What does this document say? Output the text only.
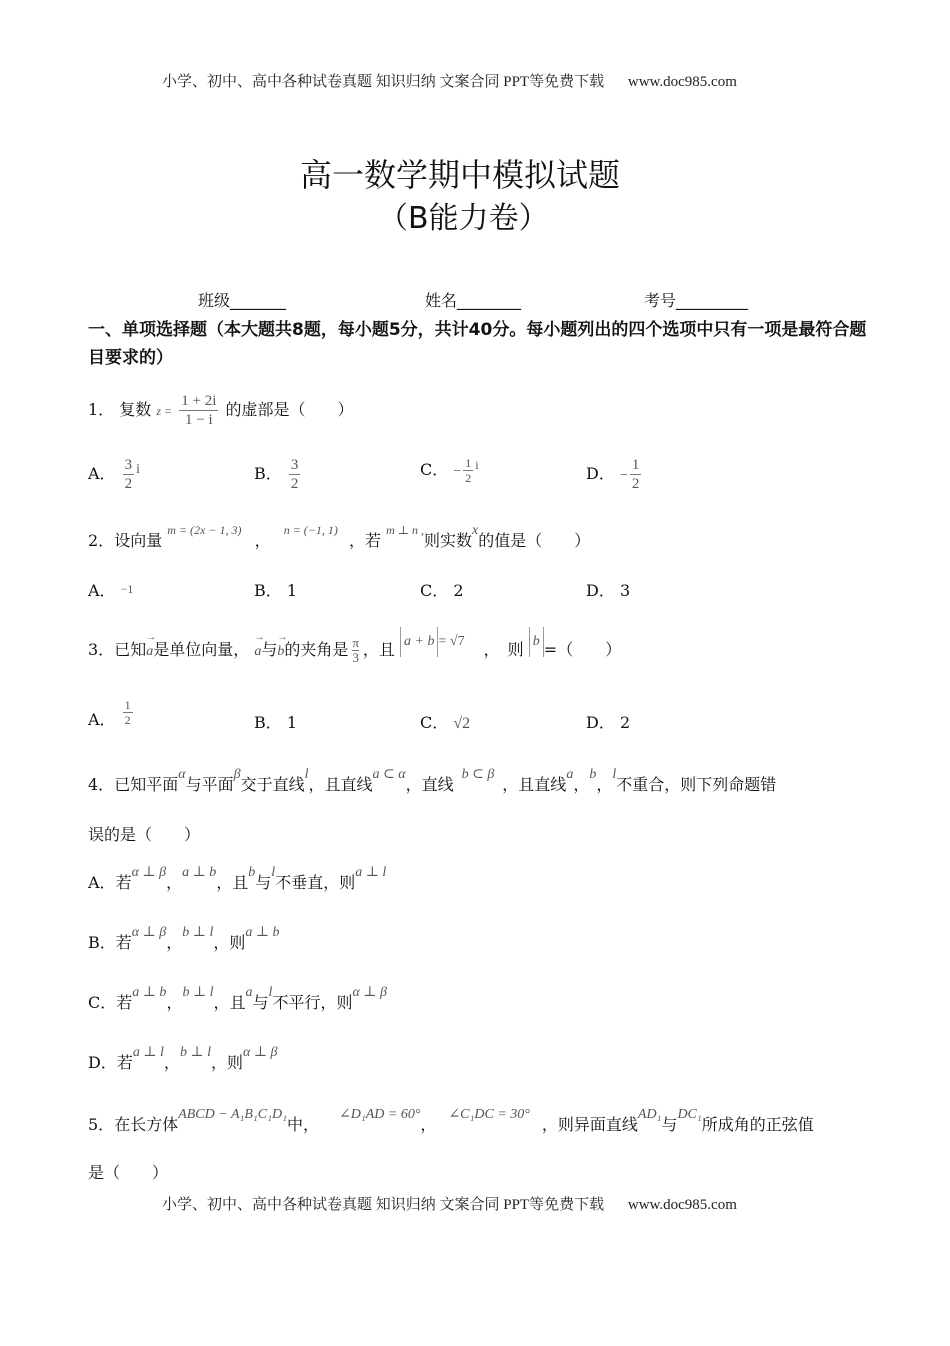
小学、初中、高中各种试卷真题 知识归纳 文案合同 PPT等免费下载 www.doc985.com
高一数学期中模拟试题
（B能力卷）
班级_______	姓名________	考号_________
一、单项选择题（本大题共8题，每小题5分，共计40分。每小题列出的四个选项中只有一项是最符合题目要求的）
1． 复数 $z = \frac{1 + 2i}{1 - i}$ 的虚部是（　　）
A． $\frac{3}{2}$ i	B． $\frac{3}{2}$	C． − $\frac{1}{2} ^i$	D． − $\frac{1}{2}$
2．设向量 $^{m = (2x - 1, 3)}$ ， $^{n = (-1, 1)}$ ，若 $^{m \perp n ,}$则实数x的值是（　　）
A． −1	B． 1	C． 2	D． 3
3．已知→ a是单位向量， → a与→ b的夹角是 $\frac{\pi}{3}$ ，且 a + b = √7 ，　则 b =（　　）
A． $\frac{1}{2}$	B． 1	C． √2	D． 2
4．已知平面α与平面β交于直线l，且直线a ⊂ α，直线b ⊂ β，且直线a，b，l不重合，则下列命题错
误的是（　　）
A．若α ⊥ β，a ⊥ b，且b与l不垂直，则a ⊥ l
B．若α ⊥ β，b ⊥ l，则a ⊥ b
C．若a ⊥ b，b ⊥ l，且a与l不平行，则α ⊥ β
D．若a ⊥ l，b ⊥ l，则α ⊥ β
5．在长方体ABCD − A₁B₁C₁D₁中，∠D₁AD = 60°，∠C₁DC = 30°，则异面直线AD₁与DC₁所成角的正弦值
是（　　）
小学、初中、高中各种试卷真题 知识归纳 文案合同 PPT等免费下载 www.doc985.com
